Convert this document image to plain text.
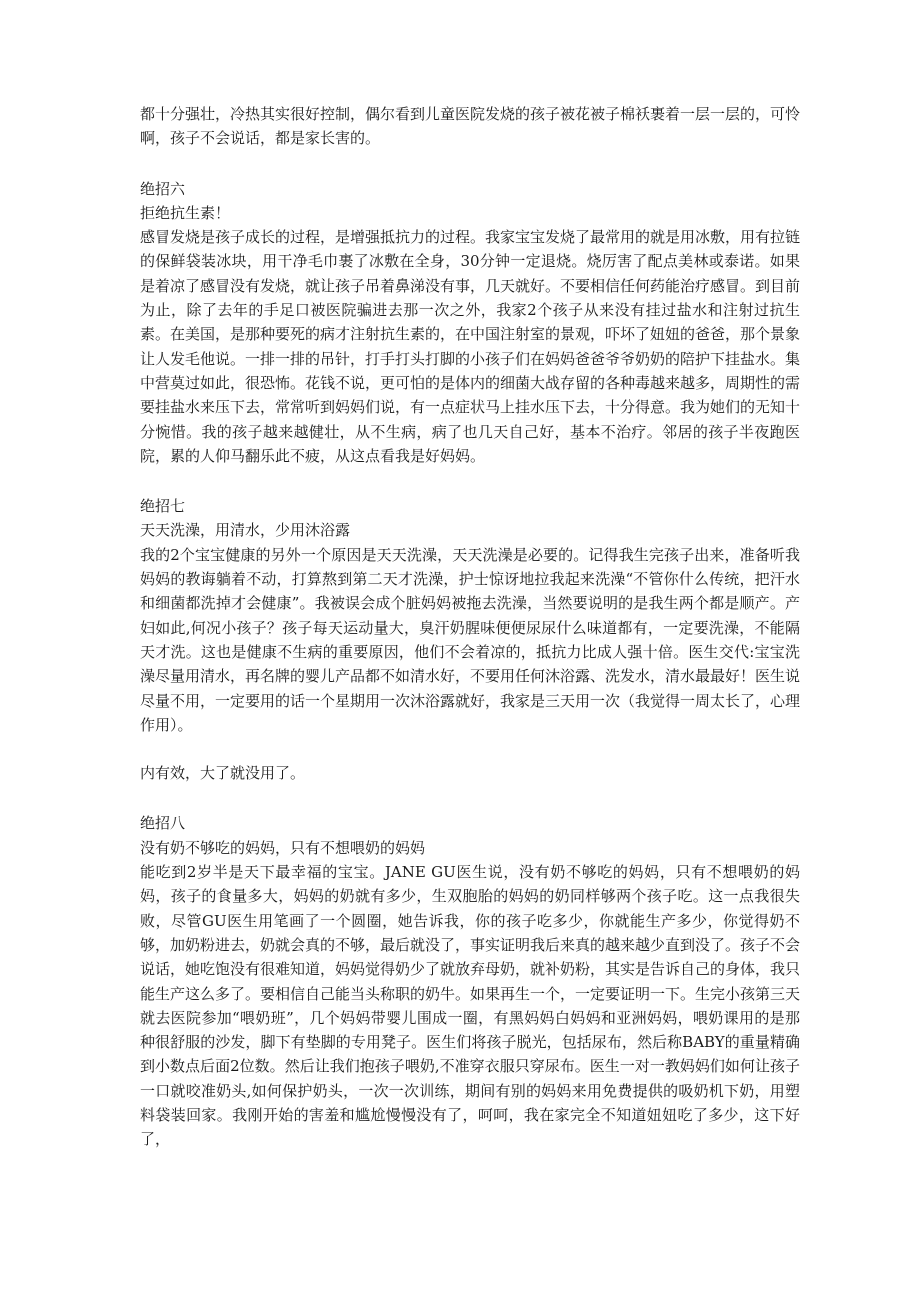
都十分强壮，冷热其实很好控制，偶尔看到儿童医院发烧的孩子被花被子棉袄裹着一层一层的，可怜啊，孩子不会说话，都是家长害的。

绝招六

拒绝抗生素！

感冒发烧是孩子成长的过程，是增强抵抗力的过程。我家宝宝发烧了最常用的就是用冰敷，用有拉链的保鲜袋装冰块，用干净毛巾裹了冰敷在全身，30分钟一定退烧。烧厉害了配点美林或泰诺。如果是着凉了感冒没有发烧，就让孩子吊着鼻涕没有事，几天就好。不要相信任何药能治疗感冒。到目前为止，除了去年的手足口被医院骗进去那一次之外，我家2个孩子从来没有挂过盐水和注射过抗生素。在美国，是那种要死的病才注射抗生素的，在中国注射室的景观，吓坏了妞妞的爸爸，那个景象让人发毛他说。一排一排的吊针，打手打头打脚的小孩子们在妈妈爸爸爷爷奶奶的陪护下挂盐水。集中营莫过如此，很恐怖。花钱不说，更可怕的是体内的细菌大战存留的各种毒越来越多，周期性的需要挂盐水来压下去，常常听到妈妈们说，有一点症状马上挂水压下去，十分得意。我为她们的无知十分惋惜。我的孩子越来越健壮，从不生病，病了也几天自己好，基本不治疗。邻居的孩子半夜跑医院，累的人仰马翻乐此不疲，从这点看我是好妈妈。

绝招七

天天洗澡，用清水，少用沐浴露

我的2个宝宝健康的另外一个原因是天天洗澡，天天洗澡是必要的。记得我生完孩子出来，准备听我妈妈的教诲躺着不动，打算熬到第二天才洗澡，护士惊讶地拉我起来洗澡“不管你什么传统，把汗水和细菌都洗掉才会健康”。我被误会成个脏妈妈被拖去洗澡，当然要说明的是我生两个都是顺产。产妇如此,何况小孩子？孩子每天运动量大，臭汗奶腥味便便尿尿什么味道都有，一定要洗澡，不能隔天才洗。这也是健康不生病的重要原因，他们不会着凉的，抵抗力比成人强十倍。医生交代:宝宝洗澡尽量用清水，再名牌的婴儿产品都不如清水好，不要用任何沐浴露、洗发水，清水最最好！医生说尽量不用，一定要用的话一个星期用一次沐浴露就好，我家是三天用一次（我觉得一周太长了，心理作用）。

内有效，大了就没用了。

绝招八

没有奶不够吃的妈妈，只有不想喂奶的妈妈

能吃到2岁半是天下最幸福的宝宝。JANE GU医生说，没有奶不够吃的妈妈，只有不想喂奶的妈妈，孩子的食量多大，妈妈的奶就有多少，生双胞胎的妈妈的奶同样够两个孩子吃。这一点我很失败，尽管GU医生用笔画了一个圆圈，她告诉我，你的孩子吃多少，你就能生产多少，你觉得奶不够，加奶粉进去，奶就会真的不够，最后就没了，事实证明我后来真的越来越少直到没了。孩子不会说话，她吃饱没有很难知道，妈妈觉得奶少了就放弃母奶，就补奶粉，其实是告诉自己的身体，我只能生产这么多了。要相信自己能当头称职的奶牛。如果再生一个，一定要证明一下。生完小孩第三天就去医院参加“喂奶班”，几个妈妈带婴儿围成一圈，有黑妈妈白妈妈和亚洲妈妈，喂奶课用的是那种很舒服的沙发，脚下有垫脚的专用凳子。医生们将孩子脱光，包括尿布，然后称BABY的重量精确到小数点后面2位数。然后让我们抱孩子喂奶,不准穿衣服只穿尿布。医生一对一教妈妈们如何让孩子一口就咬准奶头,如何保护奶头，一次一次训练，期间有别的妈妈来用免费提供的吸奶机下奶，用塑料袋装回家。我刚开始的害羞和尴尬慢慢没有了，呵呵，我在家完全不知道妞妞吃了多少，这下好了，
